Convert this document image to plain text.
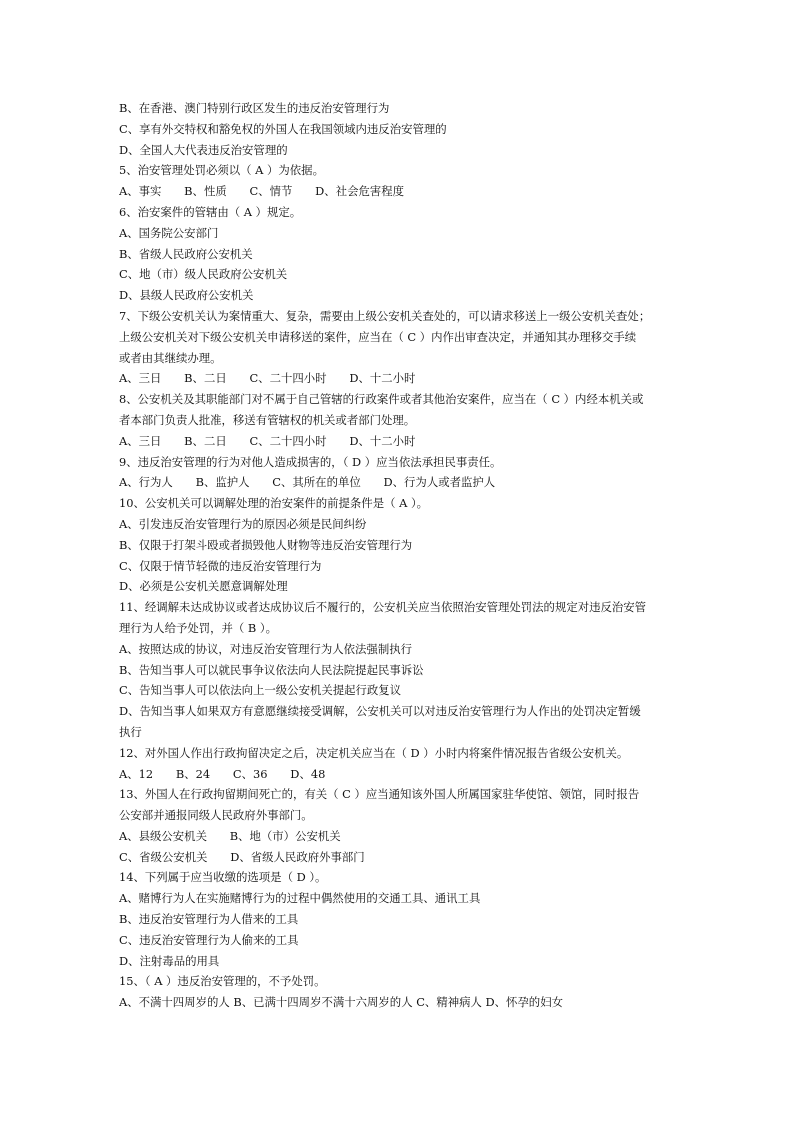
B、在香港、澳门特别行政区发生的违反治安管理行为
C、享有外交特权和豁免权的外国人在我国领域内违反治安管理的
D、全国人大代表违反治安管理的
5、治安管理处罚必须以（ A ）为依据。
A、事实　　B、性质　　C、情节　　D、社会危害程度
6、治安案件的管辖由（ A ）规定。
A、国务院公安部门
B、省级人民政府公安机关
C、地（市）级人民政府公安机关
D、县级人民政府公安机关
7、下级公安机关认为案情重大、复杂，需要由上级公安机关查处的，可以请求移送上一级公安机关查处；
上级公安机关对下级公安机关申请移送的案件，应当在（ C ）内作出审查决定，并通知其办理移交手续
或者由其继续办理。
A、三日　　B、二日　　C、二十四小时　　D、十二小时
8、公安机关及其职能部门对不属于自己管辖的行政案件或者其他治安案件，应当在（ C ）内经本机关或
者本部门负责人批准，移送有管辖权的机关或者部门处理。
A、三日　　B、二日　　C、二十四小时　　D、十二小时
9、违反治安管理的行为对他人造成损害的，（ D ）应当依法承担民事责任。
A、行为人　　B、监护人　　C、其所在的单位　　D、行为人或者监护人
10、公安机关可以调解处理的治安案件的前提条件是（ A ）。
A、引发违反治安管理行为的原因必须是民间纠纷
B、仅限于打架斗殴或者损毁他人财物等违反治安管理行为
C、仅限于情节轻微的违反治安管理行为
D、必须是公安机关愿意调解处理
11、经调解未达成协议或者达成协议后不履行的，公安机关应当依照治安管理处罚法的规定对违反治安管
理行为人给予处罚，并（ B ）。
A、按照达成的协议，对违反治安管理行为人依法强制执行
B、告知当事人可以就民事争议依法向人民法院提起民事诉讼
C、告知当事人可以依法向上一级公安机关提起行政复议
D、告知当事人如果双方有意愿继续接受调解，公安机关可以对违反治安管理行为人作出的处罚决定暂缓
执行
12、对外国人作出行政拘留决定之后，决定机关应当在（ D ）小时内将案件情况报告省级公安机关。
A、12　　B、24　　C、36　　D、48
13、外国人在行政拘留期间死亡的，有关（ C ）应当通知该外国人所属国家驻华使馆、领馆，同时报告
公安部并通报同级人民政府外事部门。
A、县级公安机关　　B、地（市）公安机关
C、省级公安机关　　D、省级人民政府外事部门
14、下列属于应当收缴的选项是（ D ）。
A、赌博行为人在实施赌博行为的过程中偶然使用的交通工具、通讯工具
B、违反治安管理行为人借来的工具
C、违反治安管理行为人偷来的工具
D、注射毒品的用具
15、（ A ）违反治安管理的，不予处罚。
A、不满十四周岁的人 B、已满十四周岁不满十六周岁的人 C、精神病人 D、怀孕的妇女
